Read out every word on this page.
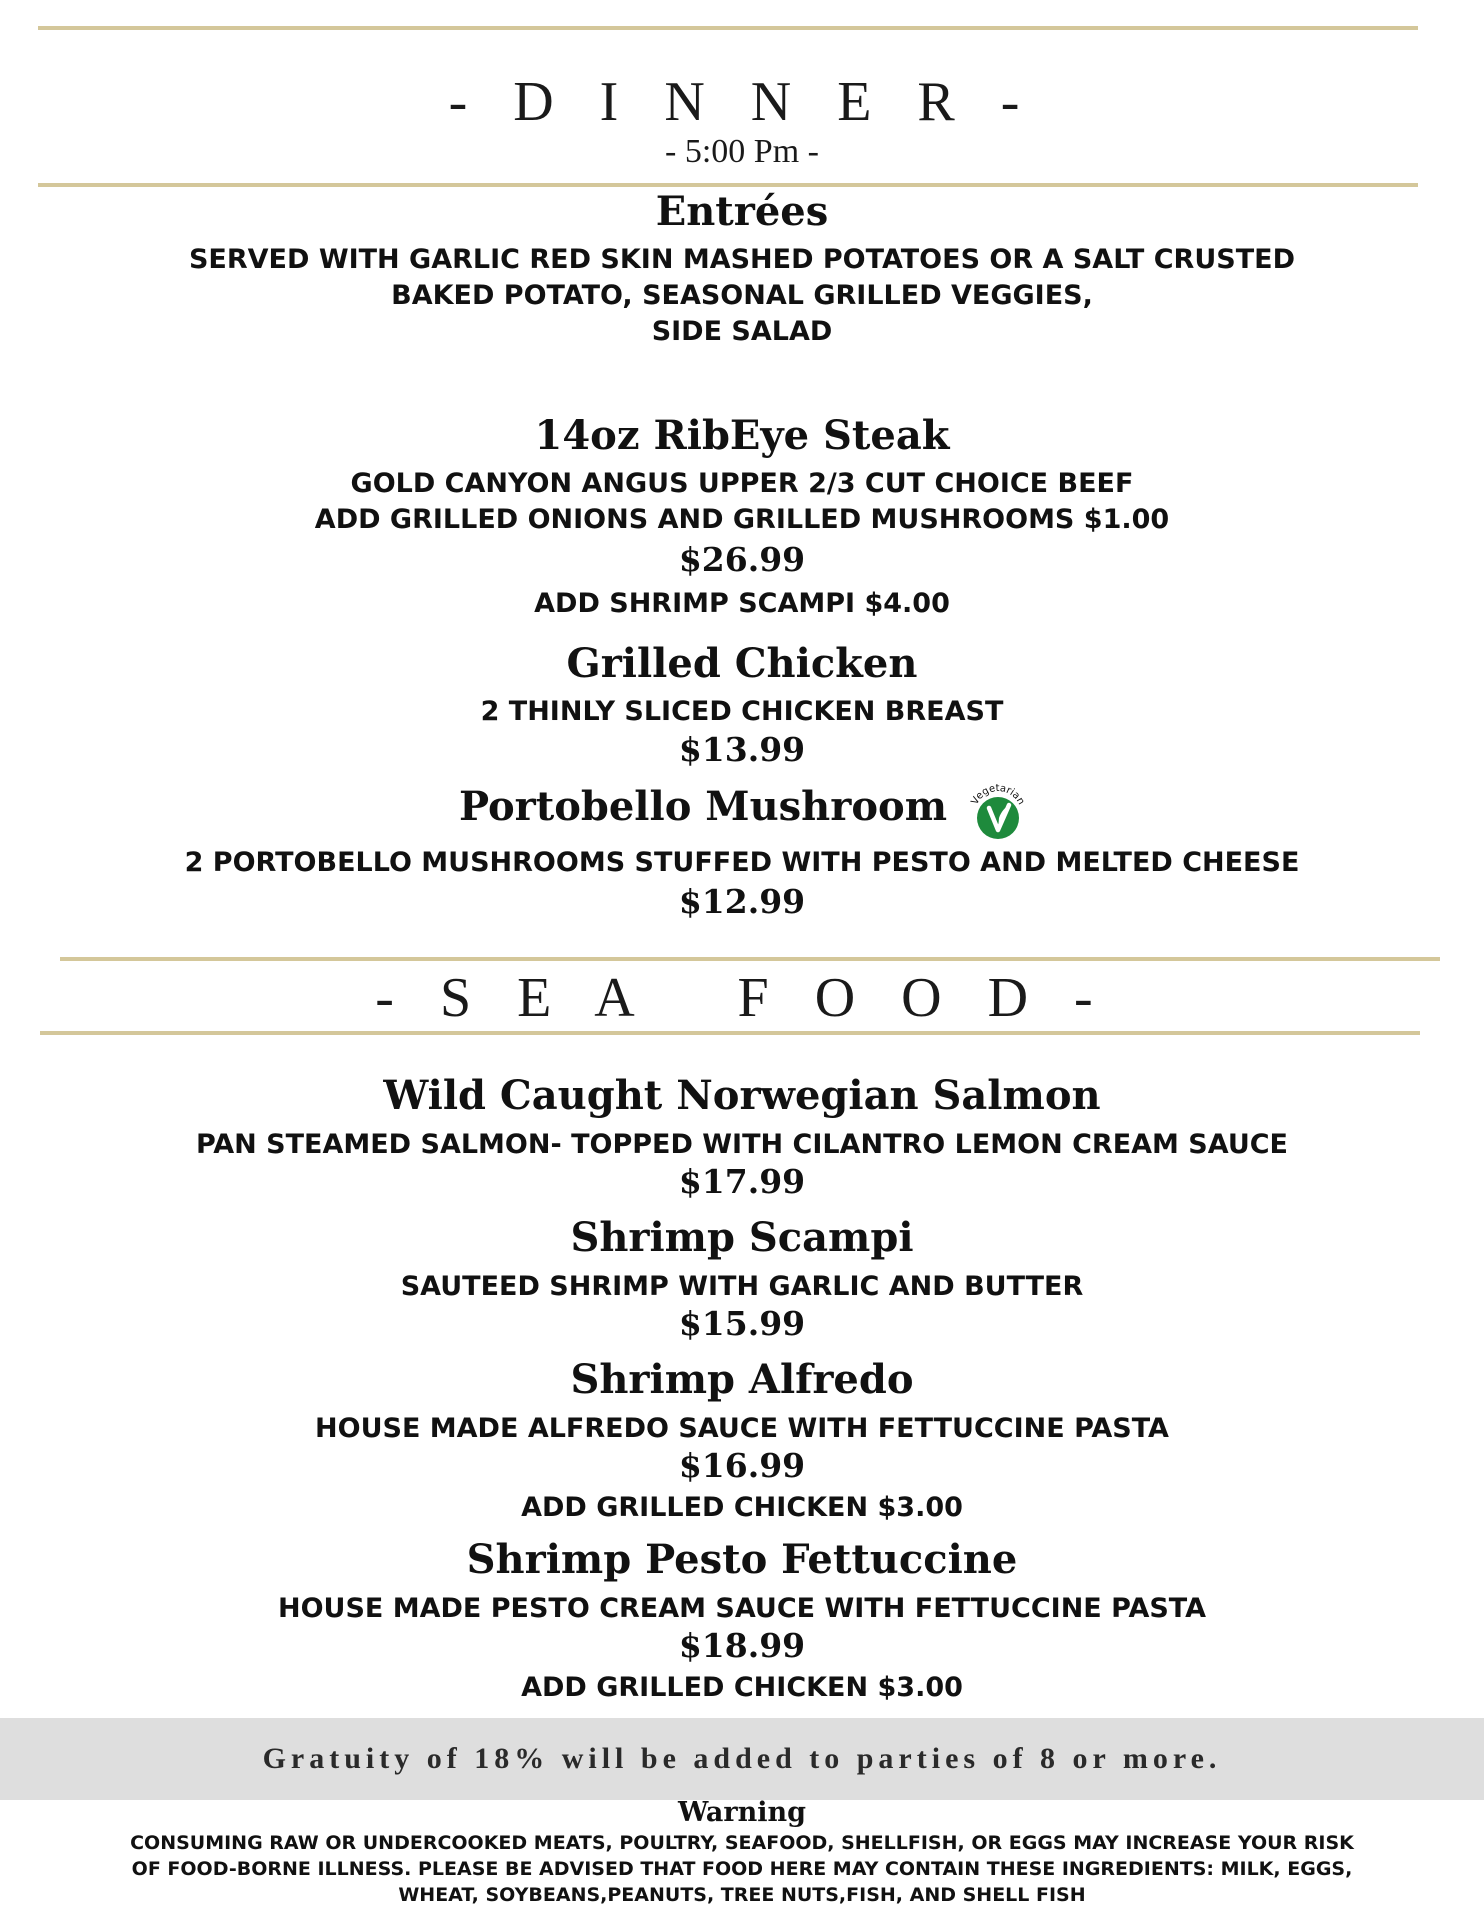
- D I N N E R -
- 5:00 Pm -
Entrées
SERVED WITH GARLIC RED SKIN MASHED POTATOES OR A SALT CRUSTED
BAKED POTATO, SEASONAL GRILLED VEGGIES,
SIDE SALAD
14oz RibEye Steak
GOLD CANYON ANGUS UPPER 2/3 CUT CHOICE BEEF
ADD GRILLED ONIONS AND GRILLED MUSHROOMS $1.00
$26.99
ADD SHRIMP SCAMPI $4.00
Grilled Chicken
2 THINLY SLICED CHICKEN BREAST
$13.99
Portobello Mushroom Vegetarian
2 PORTOBELLO MUSHROOMS STUFFED WITH PESTO AND MELTED CHEESE
$12.99
- S E A   F O O D -
Wild Caught Norwegian Salmon
PAN STEAMED SALMON- TOPPED WITH CILANTRO LEMON CREAM SAUCE
$17.99
Shrimp Scampi
SAUTEED SHRIMP WITH GARLIC AND BUTTER
$15.99
Shrimp Alfredo
HOUSE MADE ALFREDO SAUCE WITH FETTUCCINE PASTA
$16.99
ADD GRILLED CHICKEN $3.00
Shrimp Pesto Fettuccine
HOUSE MADE PESTO CREAM SAUCE WITH FETTUCCINE PASTA
$18.99
ADD GRILLED CHICKEN $3.00
Gratuity of 18% will be added to parties of 8 or more.
Warning
CONSUMING RAW OR UNDERCOOKED MEATS, POULTRY, SEAFOOD, SHELLFISH, OR EGGS MAY INCREASE YOUR RISK
OF FOOD-BORNE ILLNESS. PLEASE BE ADVISED THAT FOOD HERE MAY CONTAIN THESE INGREDIENTS: MILK, EGGS,
WHEAT, SOYBEANS,PEANUTS, TREE NUTS,FISH, AND SHELL FISH
